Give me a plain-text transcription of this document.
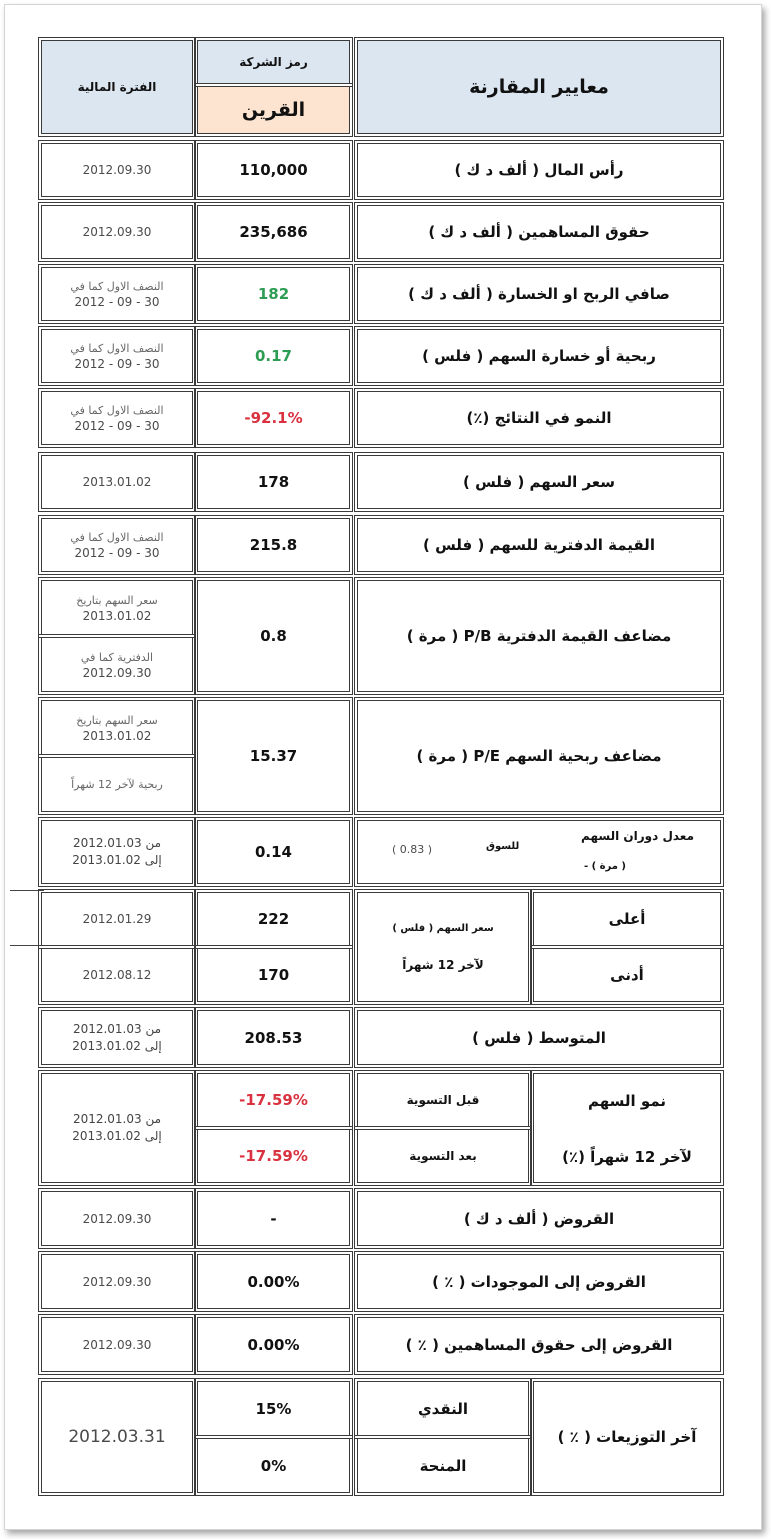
معايير المقارنة
رمز الشركة
القرين
الفترة المالية
رأس المال ( ألف د ك )
110,000
2012.09.30
حقوق المساهمين ( ألف د ك )
235,686
2012.09.30
صافي الربح او الخسارة ( ألف د ك )
182
النصف الاول كما في
2012 - 09 - 30
ربحية أو خسارة السهم ( فلس )
0.17
النصف الاول كما في
2012 - 09 - 30
النمو في النتائج (٪)
-92.1%
النصف الاول كما في
2012 - 09 - 30
سعر السهم ( فلس )
178
2013.01.02
القيمة الدفترية للسهم ( فلس )
215.8
النصف الاول كما في
2012 - 09 - 30
مضاعف القيمة الدفترية P/B ( مرة )
0.8
سعر السهم بتاريخ
2013.01.02
الدفترية كما في
2012.09.30
مضاعف ربحية السهم P/E ( مرة )
15.37
سعر السهم بتاريخ
2013.01.02
ربحية لآخر 12 شهراً
معدل دوران السهم
للسوق
( 0.83 )
( مرة ) -
0.14
من 2012.01.03
إلى 2013.01.02
أعلى
أدنى
سعر السهم ( فلس )
لآخر 12 شهراً
222
170
2012.01.29
2012.08.12
المتوسط ( فلس )
208.53
من 2012.01.03
إلى 2013.01.02
نمو السهم
لآخر 12 شهراً (٪)
قبل التسوية
بعد التسوية
-17.59%
-17.59%
من 2012.01.03
إلى 2013.01.02
القروض ( ألف د ك )
-
2012.09.30
القروض إلى الموجودات ( ٪ )
0.00%
2012.09.30
القروض إلى حقوق المساهمين ( ٪ )
0.00%
2012.09.30
آخر التوزيعات ( ٪ )
النقدي
المنحة
15%
0%
2012.03.31
